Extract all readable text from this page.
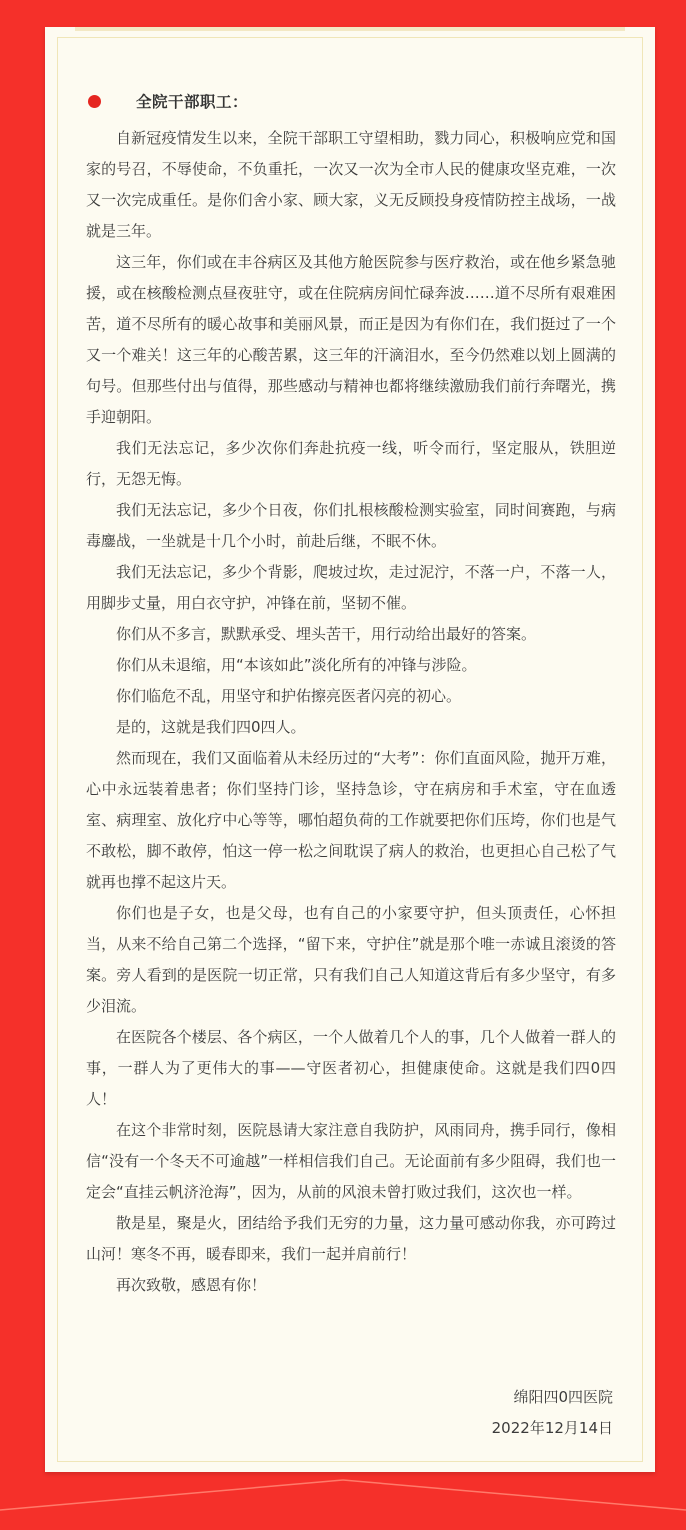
全院干部职工：

自新冠疫情发生以来，全院干部职工守望相助，戮力同心，积极响应党和国家的号召，不辱使命，不负重托，一次又一次为全市人民的健康攻坚克难，一次又一次完成重任。是你们舍小家、顾大家，义无反顾投身疫情防控主战场，一战就是三年。

这三年，你们或在丰谷病区及其他方舱医院参与医疗救治，或在他乡紧急驰援，或在核酸检测点昼夜驻守，或在住院病房间忙碌奔波……道不尽所有艰难困苦，道不尽所有的暖心故事和美丽风景，而正是因为有你们在，我们挺过了一个又一个难关！这三年的心酸苦累，这三年的汗滴泪水，至今仍然难以划上圆满的句号。但那些付出与值得，那些感动与精神也都将继续激励我们前行奔曙光，携手迎朝阳。

我们无法忘记，多少次你们奔赴抗疫一线，听令而行，坚定服从，铁胆逆行，无怨无悔。

我们无法忘记，多少个日夜，你们扎根核酸检测实验室，同时间赛跑，与病毒鏖战，一坐就是十几个小时，前赴后继，不眠不休。

我们无法忘记，多少个背影，爬坡过坎，走过泥泞，不落一户，不落一人，用脚步丈量，用白衣守护，冲锋在前，坚韧不催。

你们从不多言，默默承受、埋头苦干，用行动给出最好的答案。

你们从未退缩，用“本该如此”淡化所有的冲锋与涉险。

你们临危不乱，用坚守和护佑擦亮医者闪亮的初心。

是的，这就是我们四0四人。

然而现在，我们又面临着从未经历过的“大考”：你们直面风险，抛开万难，心中永远装着患者；你们坚持门诊，坚持急诊，守在病房和手术室，守在血透室、病理室、放化疗中心等等，哪怕超负荷的工作就要把你们压垮，你们也是气不敢松，脚不敢停，怕这一停一松之间耽误了病人的救治，也更担心自己松了气就再也撑不起这片天。

你们也是子女，也是父母，也有自己的小家要守护，但头顶责任，心怀担当，从来不给自己第二个选择，“留下来，守护住”就是那个唯一赤诚且滚烫的答案。旁人看到的是医院一切正常，只有我们自己人知道这背后有多少坚守，有多少泪流。

在医院各个楼层、各个病区，一个人做着几个人的事，几个人做着一群人的事，一群人为了更伟大的事——守医者初心，担健康使命。这就是我们四0四人！

在这个非常时刻，医院恳请大家注意自我防护，风雨同舟，携手同行，像相信“没有一个冬天不可逾越”一样相信我们自己。无论面前有多少阻碍，我们也一定会“直挂云帆济沧海”，因为，从前的风浪未曾打败过我们，这次也一样。

散是星，聚是火，团结给予我们无穷的力量，这力量可感动你我，亦可跨过山河！寒冬不再，暖春即来，我们一起并肩前行！

再次致敬，感恩有你！

绵阳四0四医院
2022年12月14日
